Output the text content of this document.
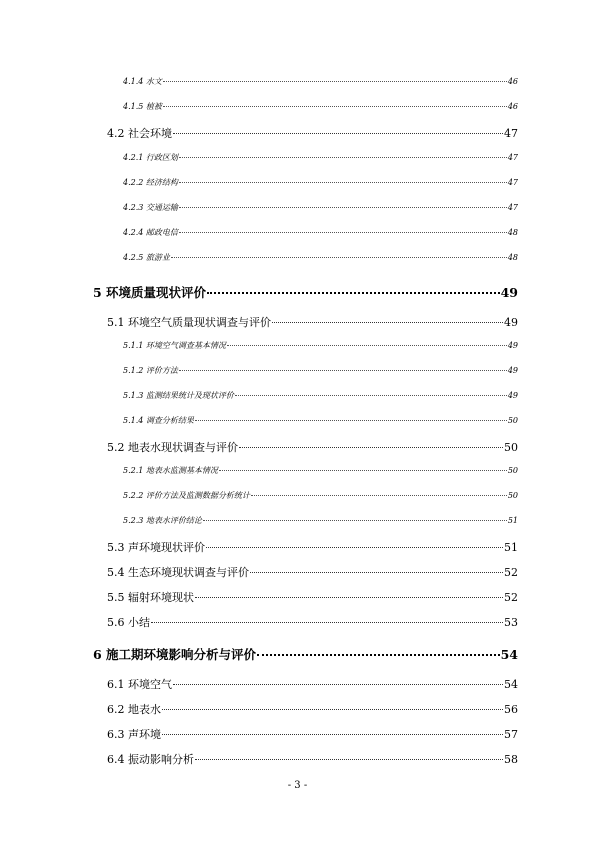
4.1.4 水文	46
4.1.5 植被	46
4.2 社会环境	47
4.2.1 行政区划	47
4.2.2 经济结构	47
4.2.3 交通运输	47
4.2.4 邮政电信	48
4.2.5 旅游业	48
5 环境质量现状评价	49
5.1 环境空气质量现状调查与评价	49
5.1.1 环境空气调查基本情况	49
5.1.2 评价方法	49
5.1.3 监测结果统计及现状评价	49
5.1.4 调查分析结果	50
5.2 地表水现状调查与评价	50
5.2.1 地表水监测基本情况	50
5.2.2 评价方法及监测数据分析统计	50
5.2.3 地表水评价结论	51
5.3 声环境现状评价	51
5.4 生态环境现状调查与评价	52
5.5 辐射环境现状	52
5.6 小结	53
6 施工期环境影响分析与评价	54
6.1 环境空气	54
6.2 地表水	56
6.3 声环境	57
6.4 振动影响分析	58
- 3 -
